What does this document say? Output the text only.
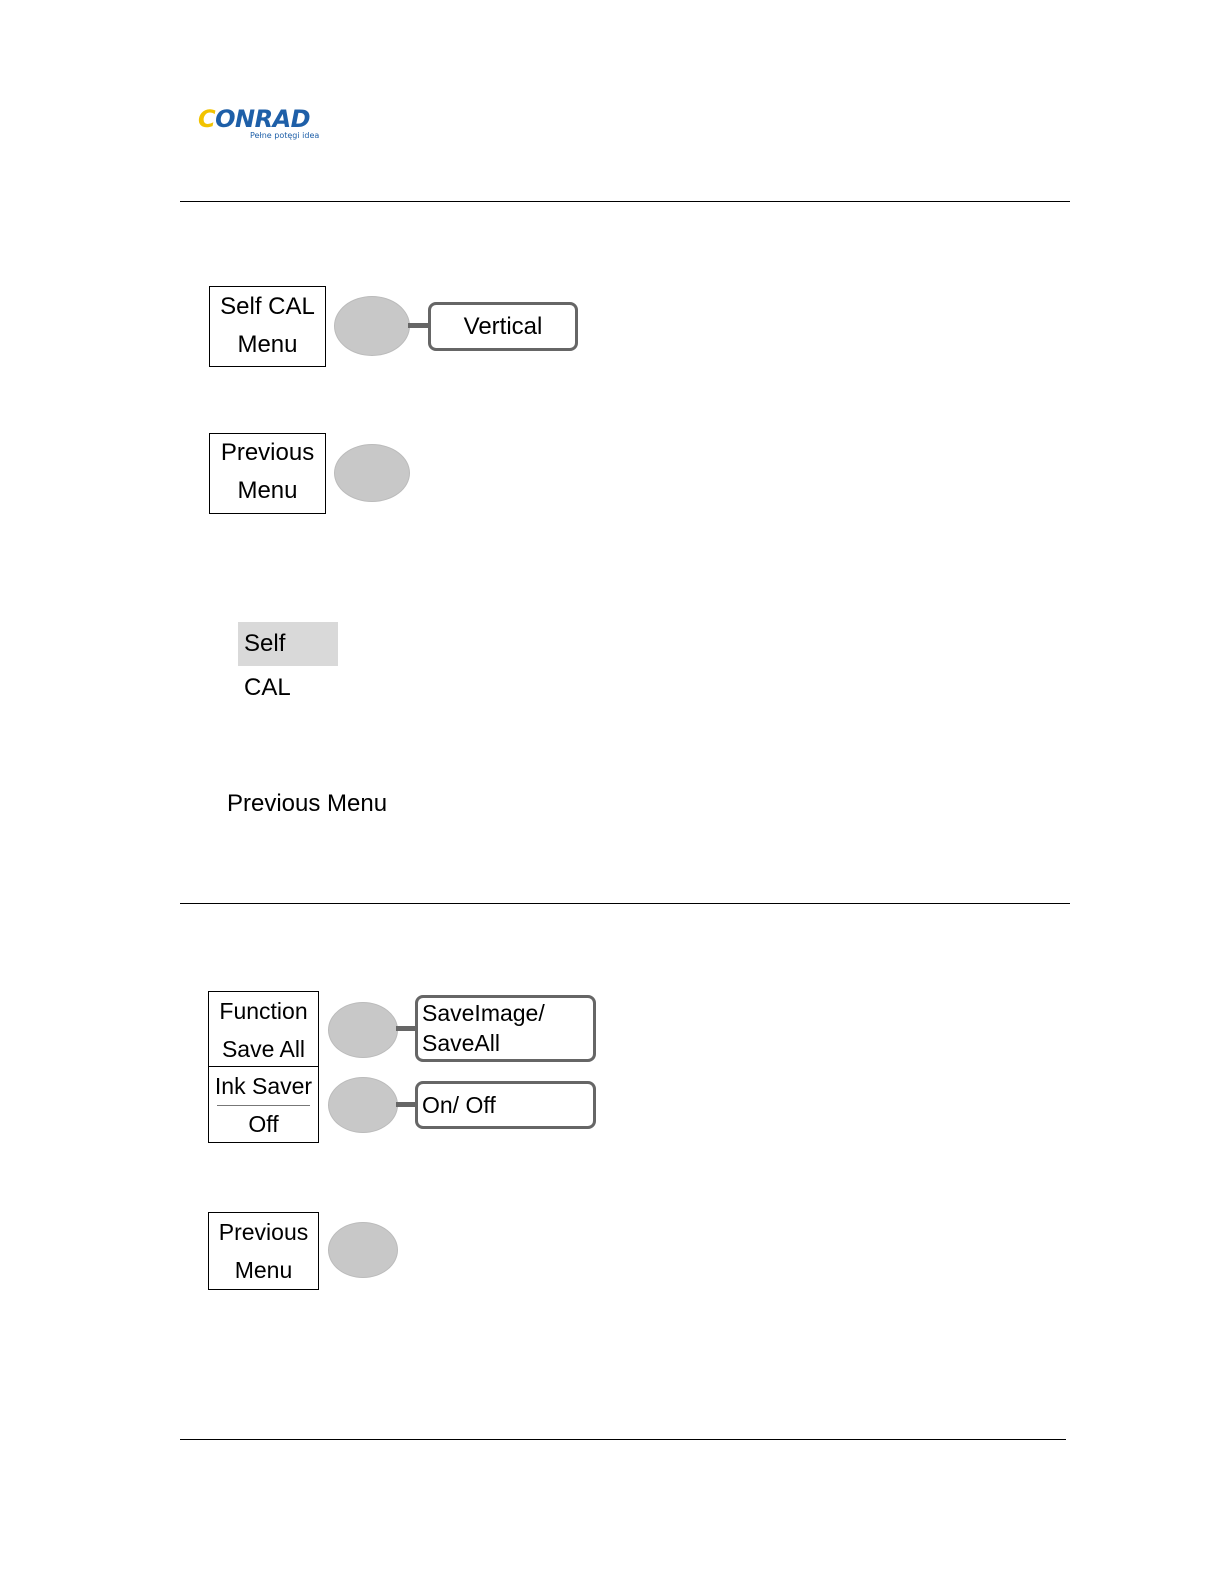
CONRAD
Pełne potęgi idea
Self CAL
Menu
Vertical
Previous
Menu
Self CAL
Previous Menu
Function
Save All
Ink Saver
Off
SaveImage/
SaveAll
On/ Off
Previous
Menu
